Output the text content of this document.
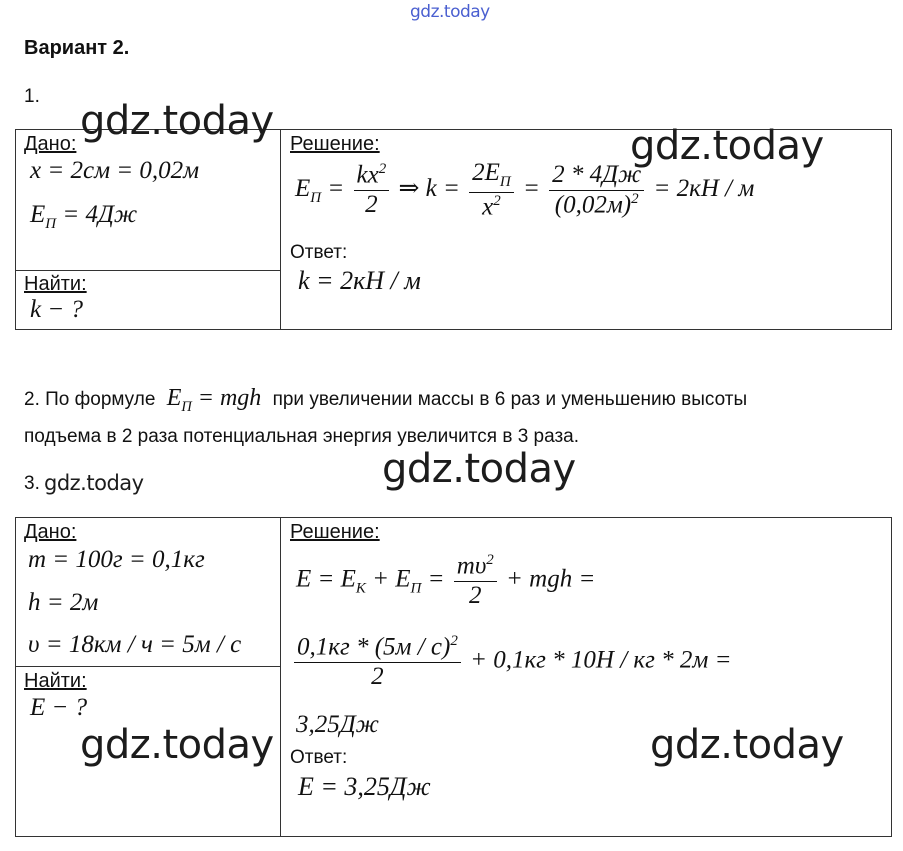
gdz.today
Вариант 2.
1.
Дано:
x = 2см = 0,02м
$E_П = 4Дж$
Найти:
k − ?
Решение:
$E_П = \frac{kx^2}{2}$ ⇒ $k = \frac{2E_П}{x^2} = \frac{2 * 4Дж}{(0,02м)^2} = 2кН / м$
Ответ:
k = 2кН / м
2. По формуле $E_П$ = mgh при увеличении массы в 6 раз и уменьшению высоты
подъема в 2 раза потенциальная энергия увеличится в 3 раза.
3. gdz.today
Дано:
m = 100г = 0,1кг
h = 2м
υ = 18км / ч = 5м / с
Найти:
E − ?
Решение:
$E = E_К + E_П = \frac{m\upsilon^2}{2}$ + mgh =
$\frac{0,1кг * (5м / с)^2}{2} + 0,1кг * 10Н$ / кг * 2м =
3,25Дж
Ответ:
E = 3,25Дж
gdz.today
gdz.today
gdz.today
gdz.today	gdz.today
